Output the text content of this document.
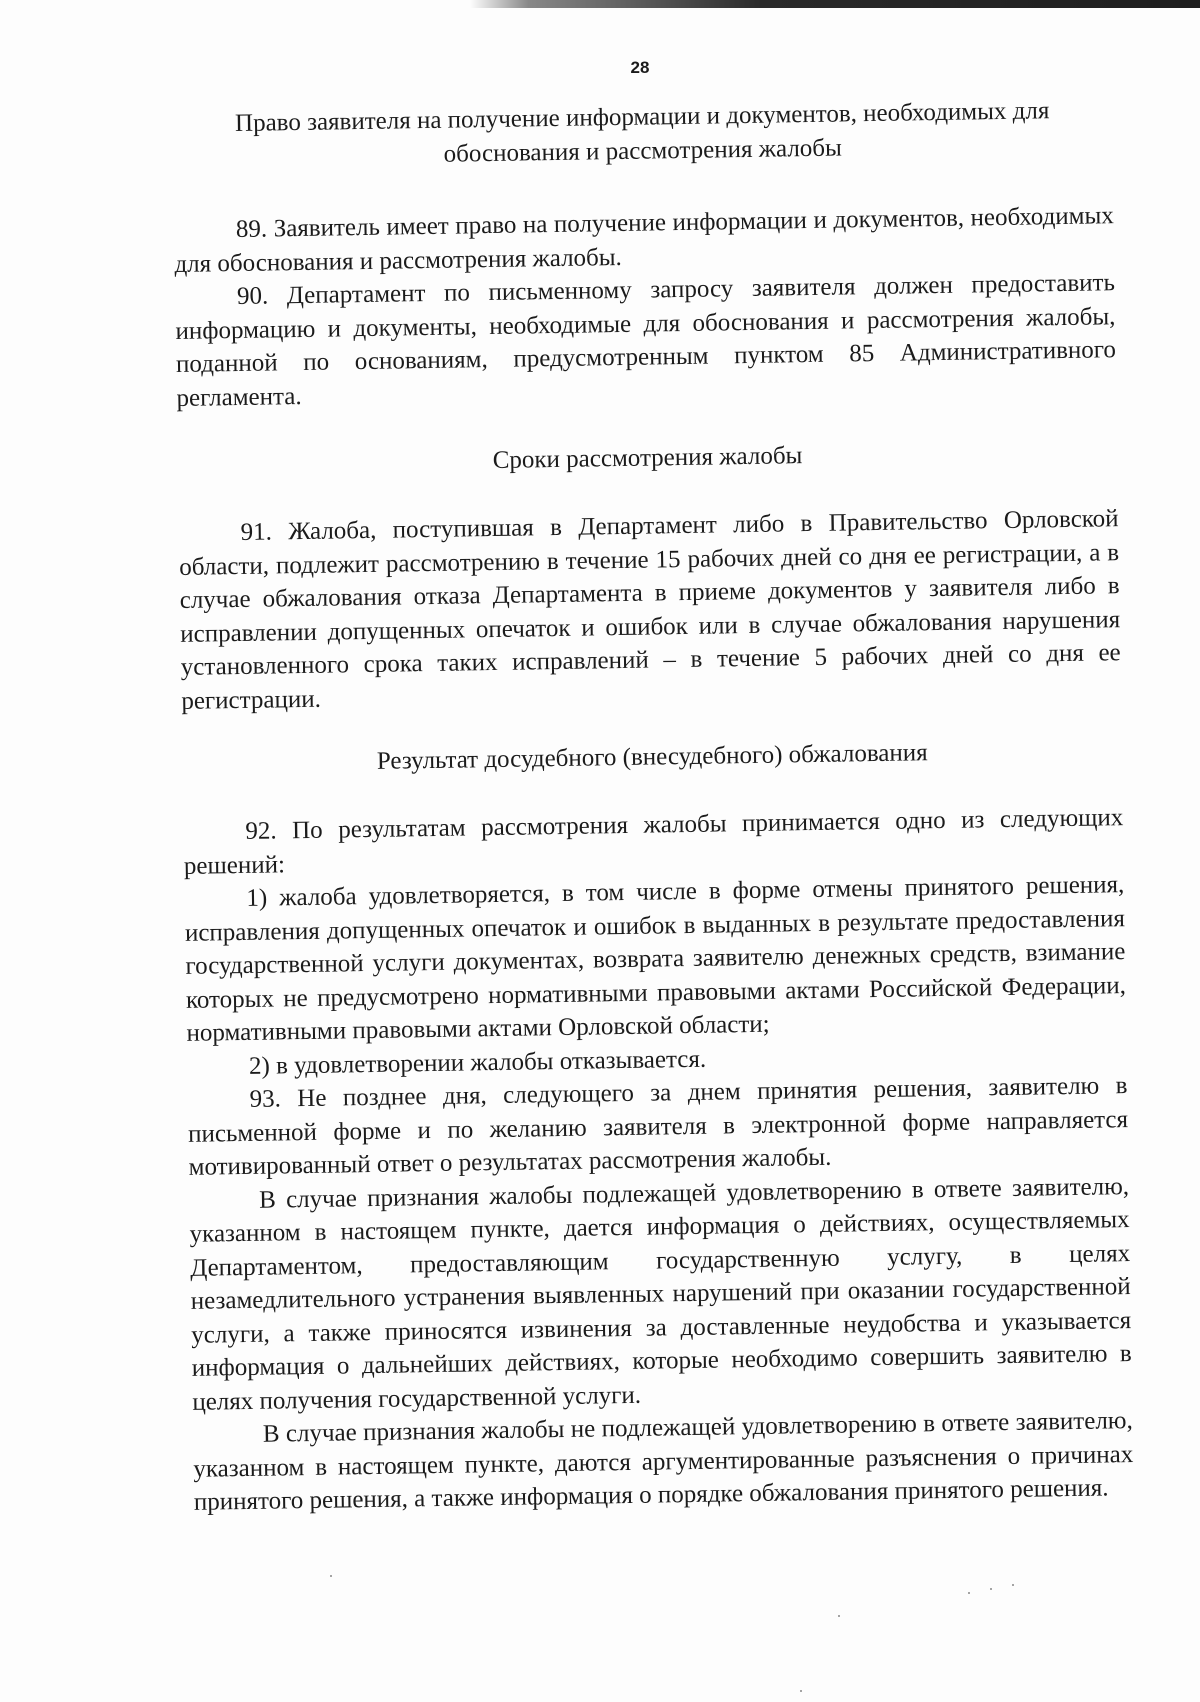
28

Право заявителя на получение информации и документов, необходимых для обоснования и рассмотрения жалобы

89. Заявитель имеет право на получение информации и документов, необходимых для обоснования и рассмотрения жалобы.

90. Департамент по письменному запросу заявителя должен предоставить информацию и документы, необходимые для обоснования и рассмотрения жалобы, поданной по основаниям, предусмотренным пунктом 85 Административного регламента.

Сроки рассмотрения жалобы

91. Жалоба, поступившая в Департамент либо в Правительство Орловской области, подлежит рассмотрению в течение 15 рабочих дней со дня ее регистрации, а в случае обжалования отказа Департамента в приеме документов у заявителя либо в исправлении допущенных опечаток и ошибок или в случае обжалования нарушения установленного срока таких исправлений – в течение 5 рабочих дней со дня ее регистрации.

Результат досудебного (внесудебного) обжалования

92. По результатам рассмотрения жалобы принимается одно из следующих решений:

1) жалоба удовлетворяется, в том числе в форме отмены принятого решения, исправления допущенных опечаток и ошибок в выданных в результате предоставления государственной услуги документах, возврата заявителю денежных средств, взимание которых не предусмотрено нормативными правовыми актами Российской Федерации, нормативными правовыми актами Орловской области;

2) в удовлетворении жалобы отказывается.

93. Не позднее дня, следующего за днем принятия решения, заявителю в письменной форме и по желанию заявителя в электронной форме направляется мотивированный ответ о результатах рассмотрения жалобы.

В случае признания жалобы подлежащей удовлетворению в ответе заявителю, указанном в настоящем пункте, дается информация о действиях, осуществляемых Департаментом, предоставляющим государственную услугу, в целях незамедлительного устранения выявленных нарушений при оказании государственной услуги, а также приносятся извинения за доставленные неудобства и указывается информация о дальнейших действиях, которые необходимо совершить заявителю в целях получения государственной услуги.

В случае признания жалобы не подлежащей удовлетворению в ответе заявителю, указанном в настоящем пункте, даются аргументированные разъяснения о причинах принятого решения, а также информация о порядке обжалования принятого решения.
